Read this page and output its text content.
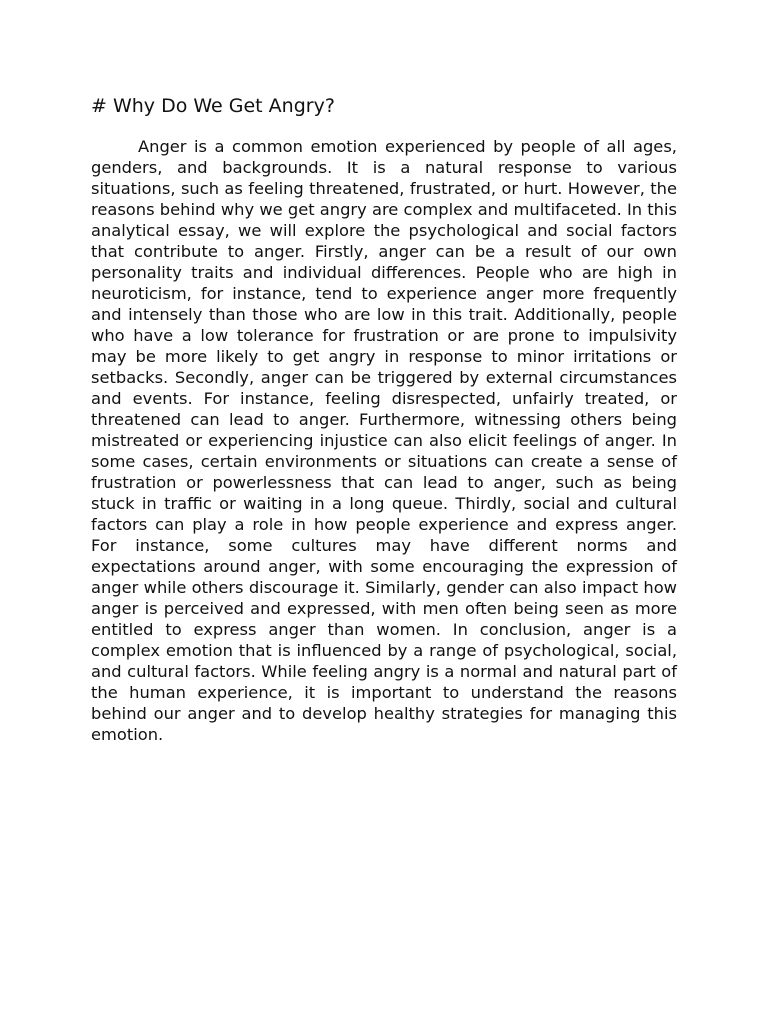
# Why Do We Get Angry?

Anger is a common emotion experienced by people of all ages, genders, and backgrounds. It is a natural response to various situations, such as feeling threatened, frustrated, or hurt. However, the reasons behind why we get angry are complex and multifaceted. In this analytical essay, we will explore the psychological and social factors that contribute to anger. Firstly, anger can be a result of our own personality traits and individual differences. People who are high in neuroticism, for instance, tend to experience anger more frequently and intensely than those who are low in this trait. Additionally, people who have a low tolerance for frustration or are prone to impulsivity may be more likely to get angry in response to minor irritations or setbacks. Secondly, anger can be triggered by external circumstances and events. For instance, feeling disrespected, unfairly treated, or threatened can lead to anger. Furthermore, witnessing others being mistreated or experiencing injustice can also elicit feelings of anger. In some cases, certain environments or situations can create a sense of frustration or powerlessness that can lead to anger, such as being stuck in traffic or waiting in a long queue. Thirdly, social and cultural factors can play a role in how people experience and express anger. For instance, some cultures may have different norms and expectations around anger, with some encouraging the expression of anger while others discourage it. Similarly, gender can also impact how anger is perceived and expressed, with men often being seen as more entitled to express anger than women. In conclusion, anger is a complex emotion that is influenced by a range of psychological, social, and cultural factors. While feeling angry is a normal and natural part of the human experience, it is important to understand the reasons behind our anger and to develop healthy strategies for managing this emotion.
